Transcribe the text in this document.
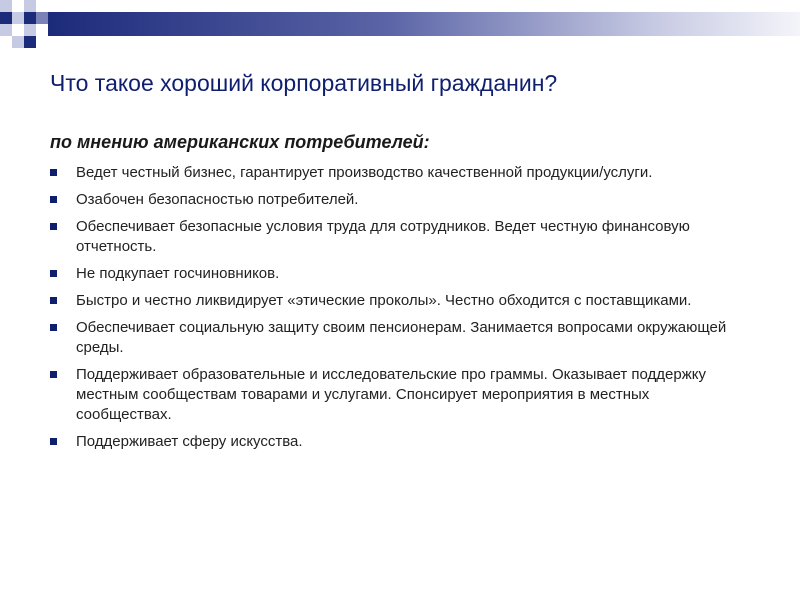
Что такое хороший корпоративный гражданин?
по мнению американских потребителей:
Ведет честный бизнес, гарантирует производство качественной продукции/услуги.
Озабочен безопасностью потребителей.
Обеспечивает безопасные условия труда для сотрудников. Ведет честную финансовую отчетность.
Не подкупает госчиновников.
Быстро и честно ликвидирует «этические проколы». Честно обходится с поставщиками.
Обеспечивает социальную защиту своим пенсионерам. Занимается вопросами окружающей среды.
Поддерживает образовательные и исследовательские про граммы. Оказывает поддержку местным сообществам товарами и услугами. Спонсирует мероприятия в местных сообществах.
Поддерживает сферу искусства.
